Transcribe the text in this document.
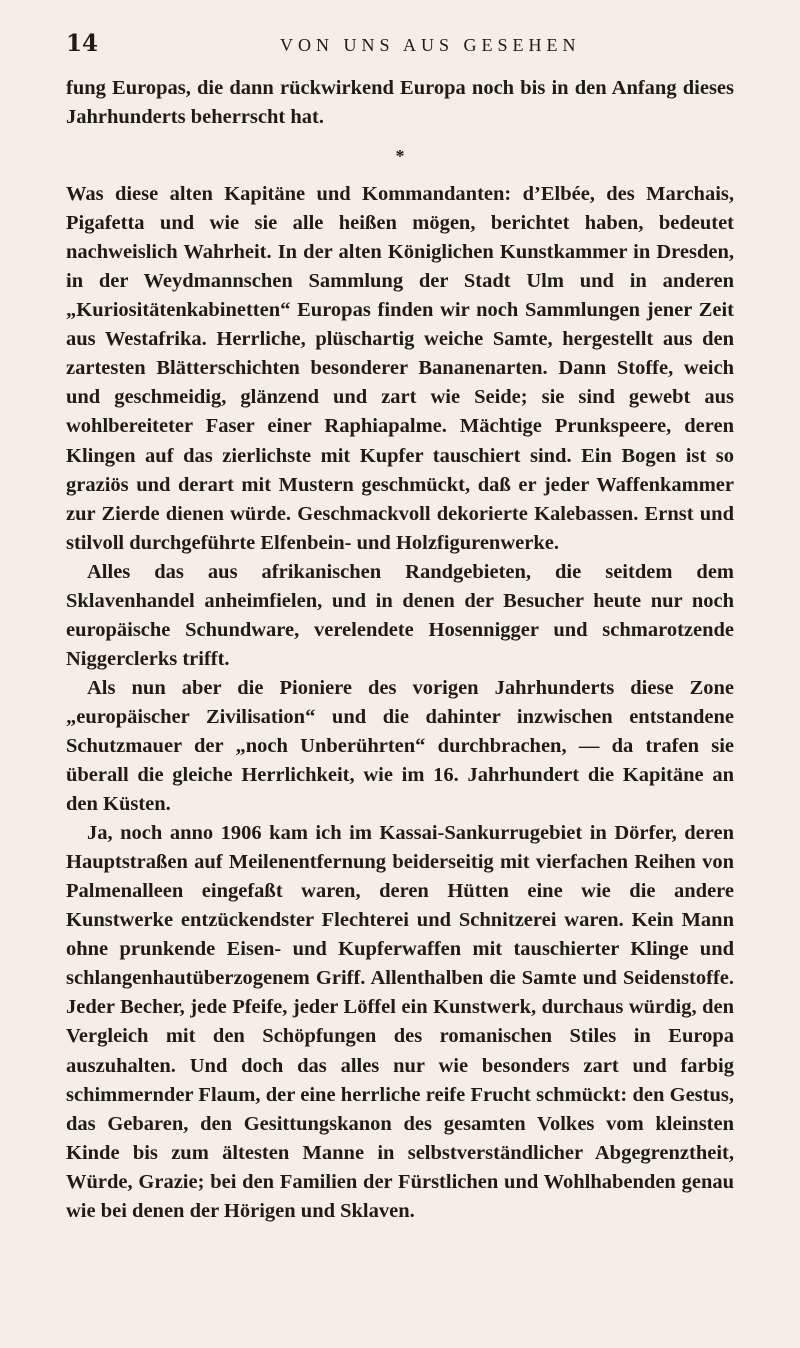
14	VON UNS AUS GESEHEN

fung Europas, die dann rückwirkend Europa noch bis in den Anfang dieses Jahrhunderts beherrscht hat.

*

Was diese alten Kapitäne und Kommandanten: d’Elbée, des Marchais, Pigafetta und wie sie alle heißen mögen, berichtet haben, bedeutet nachweislich Wahrheit. In der alten Königlichen Kunstkammer in Dresden, in der Weydmannschen Sammlung der Stadt Ulm und in anderen „Kuriositätenkabinetten“ Europas finden wir noch Sammlungen jener Zeit aus Westafrika. Herrliche, plüschartig weiche Samte, hergestellt aus den zartesten Blätterschichten besonderer Bananenarten. Dann Stoffe, weich und geschmeidig, glänzend und zart wie Seide; sie sind gewebt aus wohlbereiteter Faser einer Raphiapalme. Mächtige Prunkspeere, deren Klingen auf das zierlichste mit Kupfer tauschiert sind. Ein Bogen ist so graziös und derart mit Mustern geschmückt, daß er jeder Waffenkammer zur Zierde dienen würde. Geschmackvoll dekorierte Kalebassen. Ernst und stilvoll durchgeführte Elfenbein- und Holzfigurenwerke.

Alles das aus afrikanischen Randgebieten, die seitdem dem Sklavenhandel anheimfielen, und in denen der Besucher heute nur noch europäische Schundware, verelendete Hosennigger und schmarotzende Niggerclerks trifft.

Als nun aber die Pioniere des vorigen Jahrhunderts diese Zone „europäischer Zivilisation“ und die dahinter inzwischen entstandene Schutzmauer der „noch Unberührten“ durchbrachen, — da trafen sie überall die gleiche Herrlichkeit, wie im 16. Jahrhundert die Kapitäne an den Küsten.

Ja, noch anno 1906 kam ich im Kassai-Sankurrugebiet in Dörfer, deren Hauptstraßen auf Meilenentfernung beiderseitig mit vierfachen Reihen von Palmenalleen eingefaßt waren, deren Hütten eine wie die andere Kunstwerke entzückendster Flechterei und Schnitzerei waren. Kein Mann ohne prunkende Eisen- und Kupferwaffen mit tauschierter Klinge und schlangenhautüberzogenem Griff. Allenthalben die Samte und Seidenstoffe. Jeder Becher, jede Pfeife, jeder Löffel ein Kunstwerk, durchaus würdig, den Vergleich mit den Schöpfungen des romanischen Stiles in Europa auszuhalten. Und doch das alles nur wie besonders zart und farbig schimmernder Flaum, der eine herrliche reife Frucht schmückt: den Gestus, das Gebaren, den Gesittungskanon des gesamten Volkes vom kleinsten Kinde bis zum ältesten Manne in selbstverständlicher Abgegrenztheit, Würde, Grazie; bei den Familien der Fürstlichen und Wohlhabenden genau wie bei denen der Hörigen und Sklaven.
